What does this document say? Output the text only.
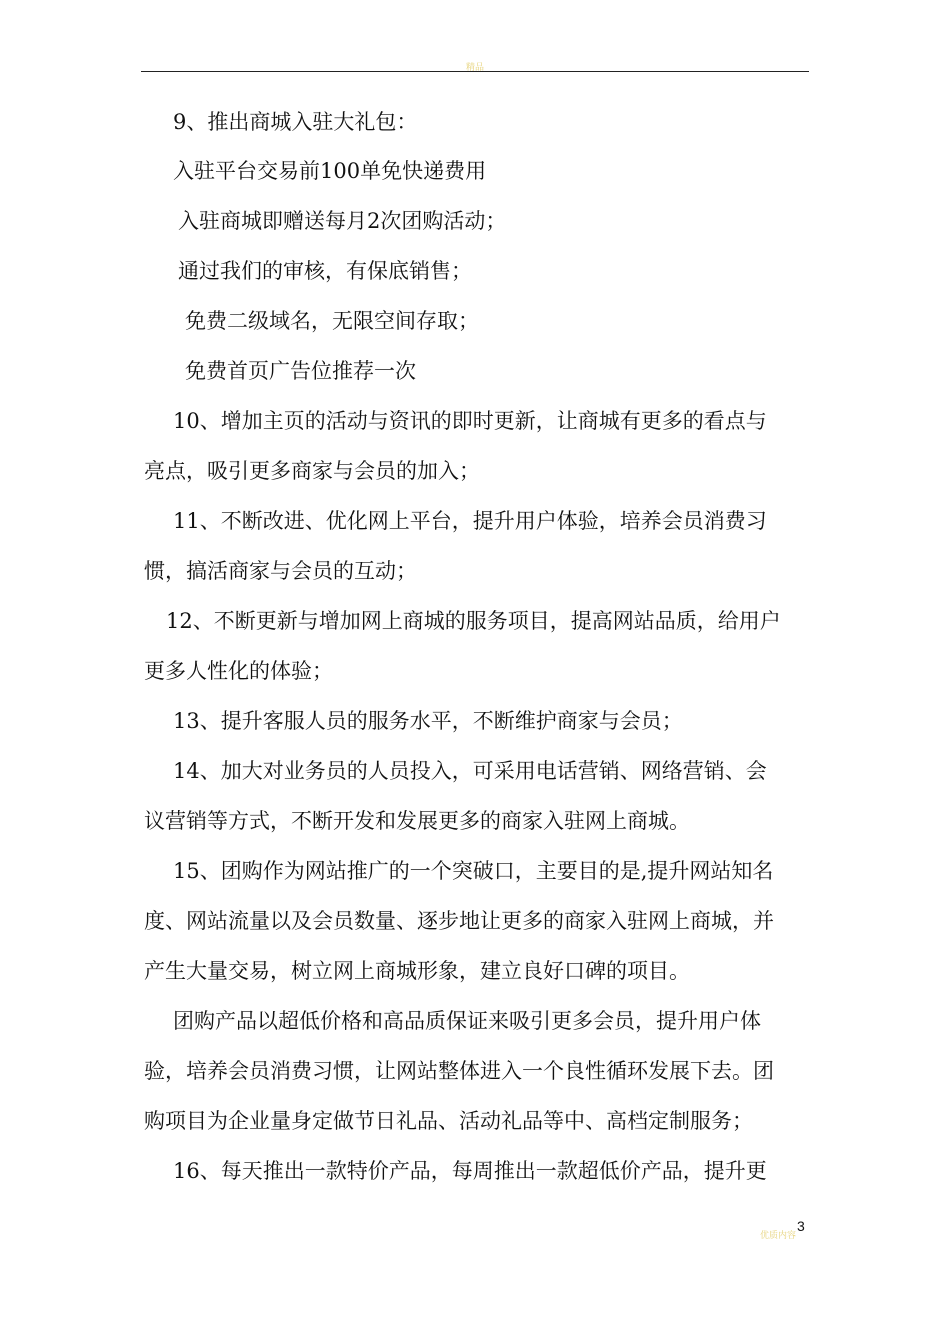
精品
9、推出商城入驻大礼包：
入驻平台交易前100单免快递费用
入驻商城即赠送每月2次团购活动；
通过我们的审核，有保底销售；
免费二级域名，无限空间存取；
免费首页广告位推荐一次
10、增加主页的活动与资讯的即时更新，让商城有更多的看点与
亮点，吸引更多商家与会员的加入；
11、不断改进、优化网上平台，提升用户体验，培养会员消费习
惯，搞活商家与会员的互动；
12、不断更新与增加网上商城的服务项目，提高网站品质，给用户
更多人性化的体验；
13、提升客服人员的服务水平，不断维护商家与会员；
14、加大对业务员的人员投入，可采用电话营销、网络营销、会
议营销等方式，不断开发和发展更多的商家入驻网上商城。
15、团购作为网站推广的一个突破口，主要目的是,提升网站知名
度、网站流量以及会员数量、逐步地让更多的商家入驻网上商城，并
产生大量交易，树立网上商城形象，建立良好口碑的项目。
团购产品以超低价格和高品质保证来吸引更多会员，提升用户体
验，培养会员消费习惯，让网站整体进入一个良性循环发展下去。团
购项目为企业量身定做节日礼品、活动礼品等中、高档定制服务；
16、每天推出一款特价产品，每周推出一款超低价产品，提升更
优质内容
3
